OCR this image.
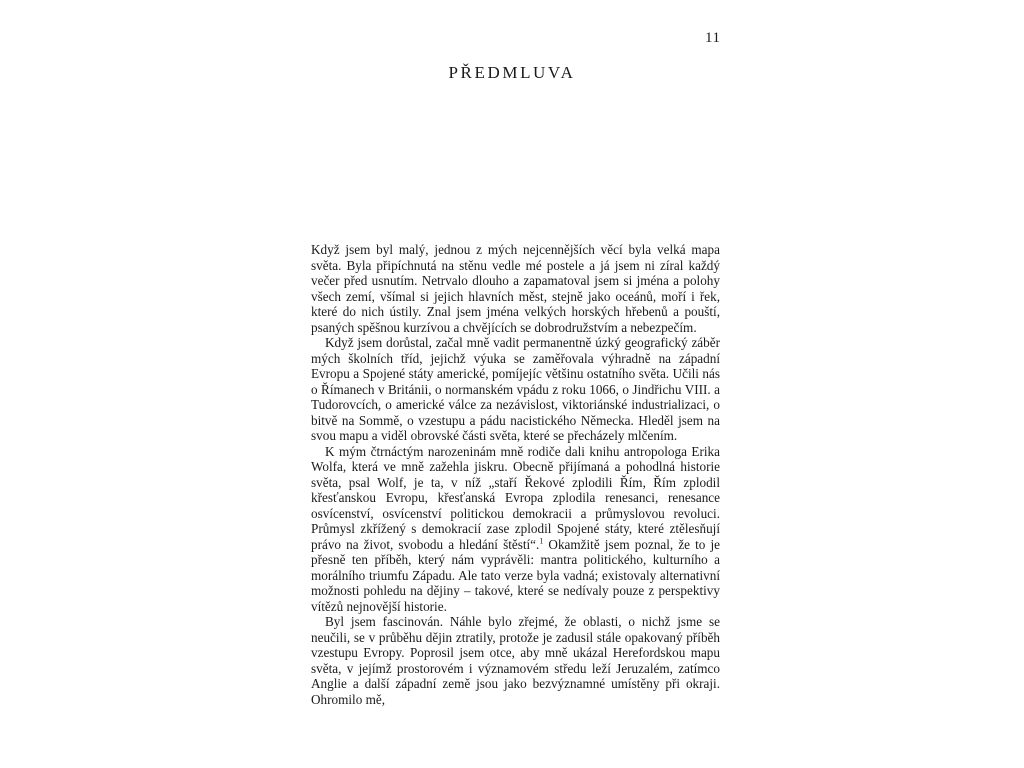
11
PŘEDMLUVA

Když jsem byl malý, jednou z mých nejcennějších věcí byla velká mapa světa. Byla připíchnutá na stěnu vedle mé postele a já jsem ni zíral každý večer před usnutím. Netrvalo dlouho a zapamatoval jsem si jména a polohy všech zemí, všímal si jejich hlavních měst, stejně jako oceánů, moří i řek, které do nich ústily. Znal jsem jména velkých horských hřebenů a pouští, psaných spěšnou kurzívou a chvějících se dobrodružstvím a nebezpečím.

Když jsem dorůstal, začal mně vadit permanentně úzký geografický záběr mých školních tříd, jejichž výuka se zaměřovala výhradně na západní Evropu a Spojené státy americké, pomíjejíc většinu ostatního světa. Učili nás o Římanech v Británii, o normanském vpádu z roku 1066, o Jindřichu VIII. a Tudorovcích, o americké válce za nezávislost, viktoriánské industrializaci, o bitvě na Sommě, o vzestupu a pádu nacistického Německa. Hleděl jsem na svou mapu a viděl obrovské části světa, které se přecházely mlčením.

K mým čtrnáctým narozeninám mně rodiče dali knihu antropologa Erika Wolfa, která ve mně zažehla jiskru. Obecně přijímaná a pohodlná historie světa, psal Wolf, je ta, v níž „staří Řekové zplodili Řím, Řím zplodil křesťanskou Evropu, křesťanská Evropa zplodila renesanci, renesance osvícenství, osvícenství politickou demokracii a průmyslovou revoluci. Průmysl zkřížený s demokracií zase zplodil Spojené státy, které ztělesňují právo na život, svobodu a hledání štěstí“.$^1$ Okamžitě jsem poznal, že to je přesně ten příběh, který nám vyprávěli: mantra politického, kulturního a morálního triumfu Západu. Ale tato verze byla vadná; existovaly alternativní možnosti pohledu na dějiny – takové, které se nedívaly pouze z perspektivy vítězů nejnovější historie.

Byl jsem fascinován. Náhle bylo zřejmé, že oblasti, o nichž jsme se neučili, se v průběhu dějin ztratily, protože je zadusil stále opakovaný příběh vzestupu Evropy. Poprosil jsem otce, aby mně ukázal Herefordskou mapu světa, v jejímž prostorovém i významovém středu leží Jeruzalém, zatímco Anglie a další západní země jsou jako bezvýznamné umístěny při okraji. Ohromilo mě,
